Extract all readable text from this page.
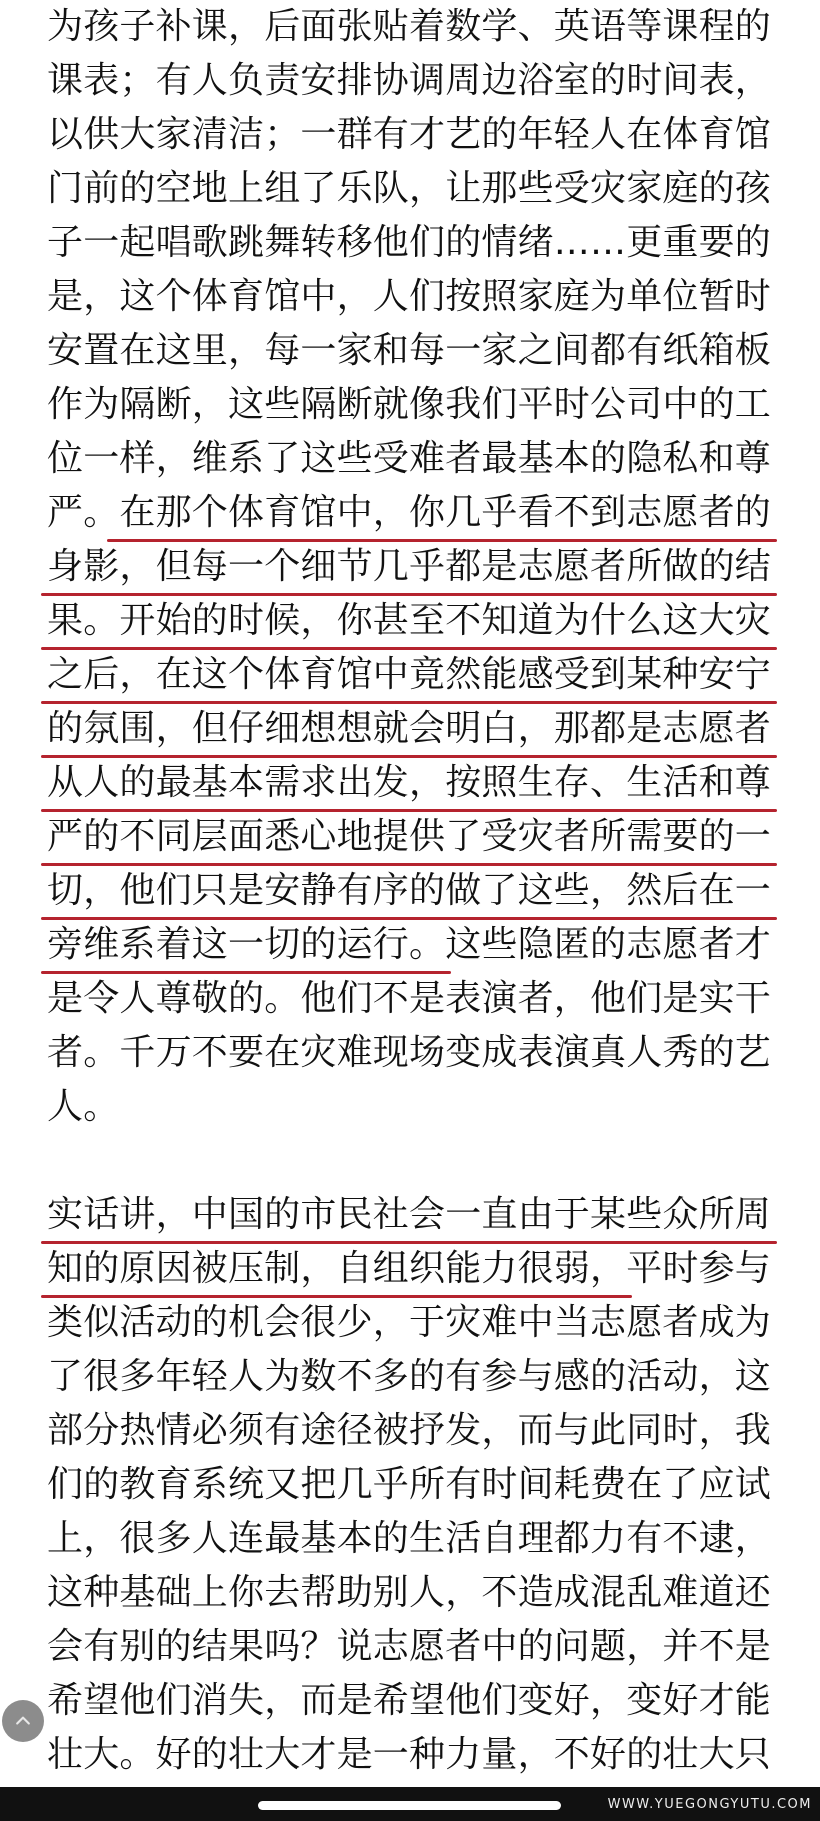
为孩子补课，后面张贴着数学、英语等课程的
课表；有人负责安排协调周边浴室的时间表，
以供大家清洁；一群有才艺的年轻人在体育馆
门前的空地上组了乐队，让那些受灾家庭的孩
子一起唱歌跳舞转移他们的情绪……更重要的
是，这个体育馆中，人们按照家庭为单位暂时
安置在这里，每一家和每一家之间都有纸箱板
作为隔断，这些隔断就像我们平时公司中的工
位一样，维系了这些受难者最基本的隐私和尊
严。在那个体育馆中，你几乎看不到志愿者的
身影，但每一个细节几乎都是志愿者所做的结
果。开始的时候，你甚至不知道为什么这大灾
之后，在这个体育馆中竟然能感受到某种安宁
的氛围，但仔细想想就会明白，那都是志愿者
从人的最基本需求出发，按照生存、生活和尊
严的不同层面悉心地提供了受灾者所需要的一
切，他们只是安静有序的做了这些，然后在一
旁维系着这一切的运行。这些隐匿的志愿者才
是令人尊敬的。他们不是表演者，他们是实干
者。千万不要在灾难现场变成表演真人秀的艺
人。
实话讲，中国的市民社会一直由于某些众所周
知的原因被压制，自组织能力很弱，平时参与
类似活动的机会很少，于灾难中当志愿者成为
了很多年轻人为数不多的有参与感的活动，这
部分热情必须有途径被抒发，而与此同时，我
们的教育系统又把几乎所有时间耗费在了应试
上，很多人连最基本的生活自理都力有不逮，
这种基础上你去帮助别人，不造成混乱难道还
会有别的结果吗？说志愿者中的问题，并不是
希望他们消失，而是希望他们变好，变好才能
壮大。好的壮大才是一种力量，不好的壮大只
WWW.YUEGONGYUTU.COM
